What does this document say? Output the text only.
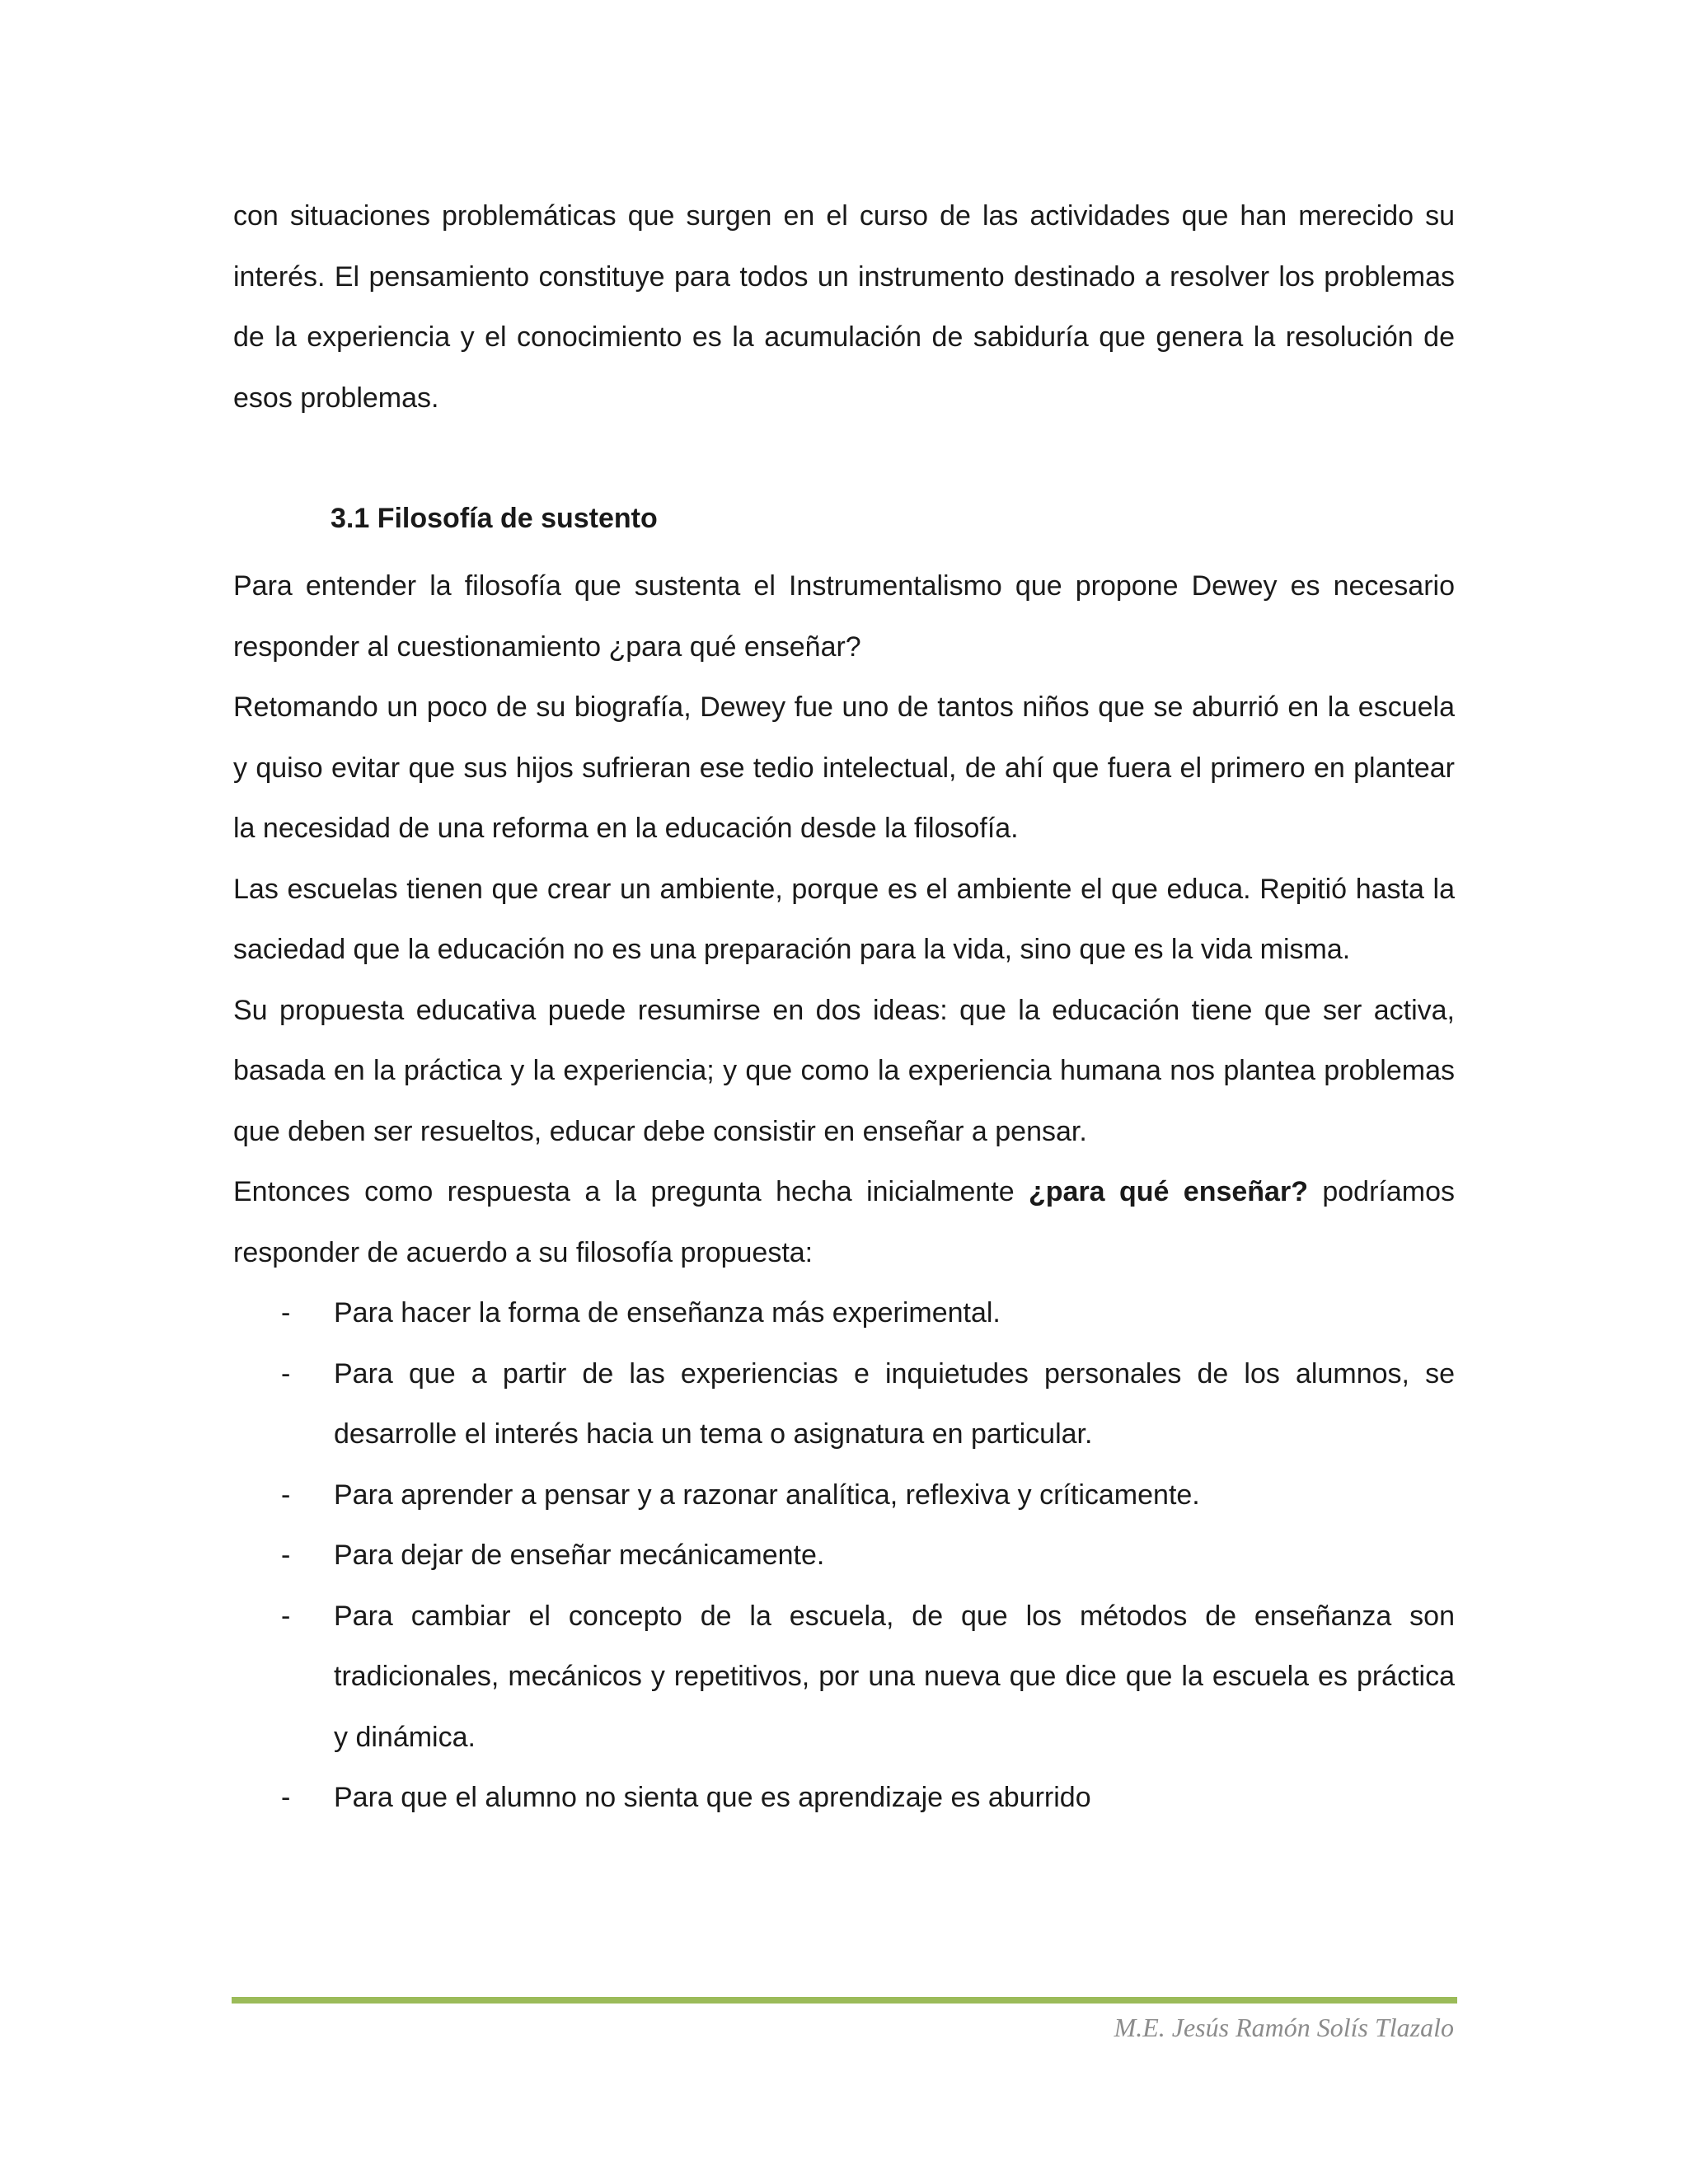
con situaciones problemáticas que surgen en el curso de las actividades que han merecido su interés. El pensamiento constituye para todos un instrumento destinado a resolver los problemas de la experiencia y el conocimiento es la acumulación de sabiduría que genera la resolución de esos problemas.

3.1 Filosofía de sustento

Para entender la filosofía que sustenta el Instrumentalismo que propone Dewey es necesario responder al cuestionamiento ¿para qué enseñar?

Retomando un poco de su biografía, Dewey fue uno de tantos niños que se aburrió en la escuela y quiso evitar que sus hijos sufrieran ese tedio intelectual, de ahí que fuera el primero en plantear la necesidad de una reforma en la educación desde la filosofía.

Las escuelas tienen que crear un ambiente, porque es el ambiente el que educa. Repitió hasta la saciedad que la educación no es una preparación para la vida, sino que es la vida misma.

Su propuesta educativa puede resumirse en dos ideas: que la educación tiene que ser activa, basada en la práctica y la experiencia; y que como la experiencia humana nos plantea problemas que deben ser resueltos, educar debe consistir en enseñar a pensar.

Entonces como respuesta a la pregunta hecha inicialmente ¿para qué enseñar? podríamos responder de acuerdo a su filosofía propuesta:

- Para hacer la forma de enseñanza más experimental.
- Para que a partir de las experiencias e inquietudes personales de los alumnos, se desarrolle el interés hacia un tema o asignatura en particular.
- Para aprender a pensar y a razonar analítica, reflexiva y críticamente.
- Para dejar de enseñar mecánicamente.
- Para cambiar el concepto de la escuela, de que los métodos de enseñanza son tradicionales, mecánicos y repetitivos, por una nueva que dice que la escuela es práctica y dinámica.
- Para que el alumno no sienta que es aprendizaje es aburrido
M.E. Jesús Ramón Solís Tlazalo
